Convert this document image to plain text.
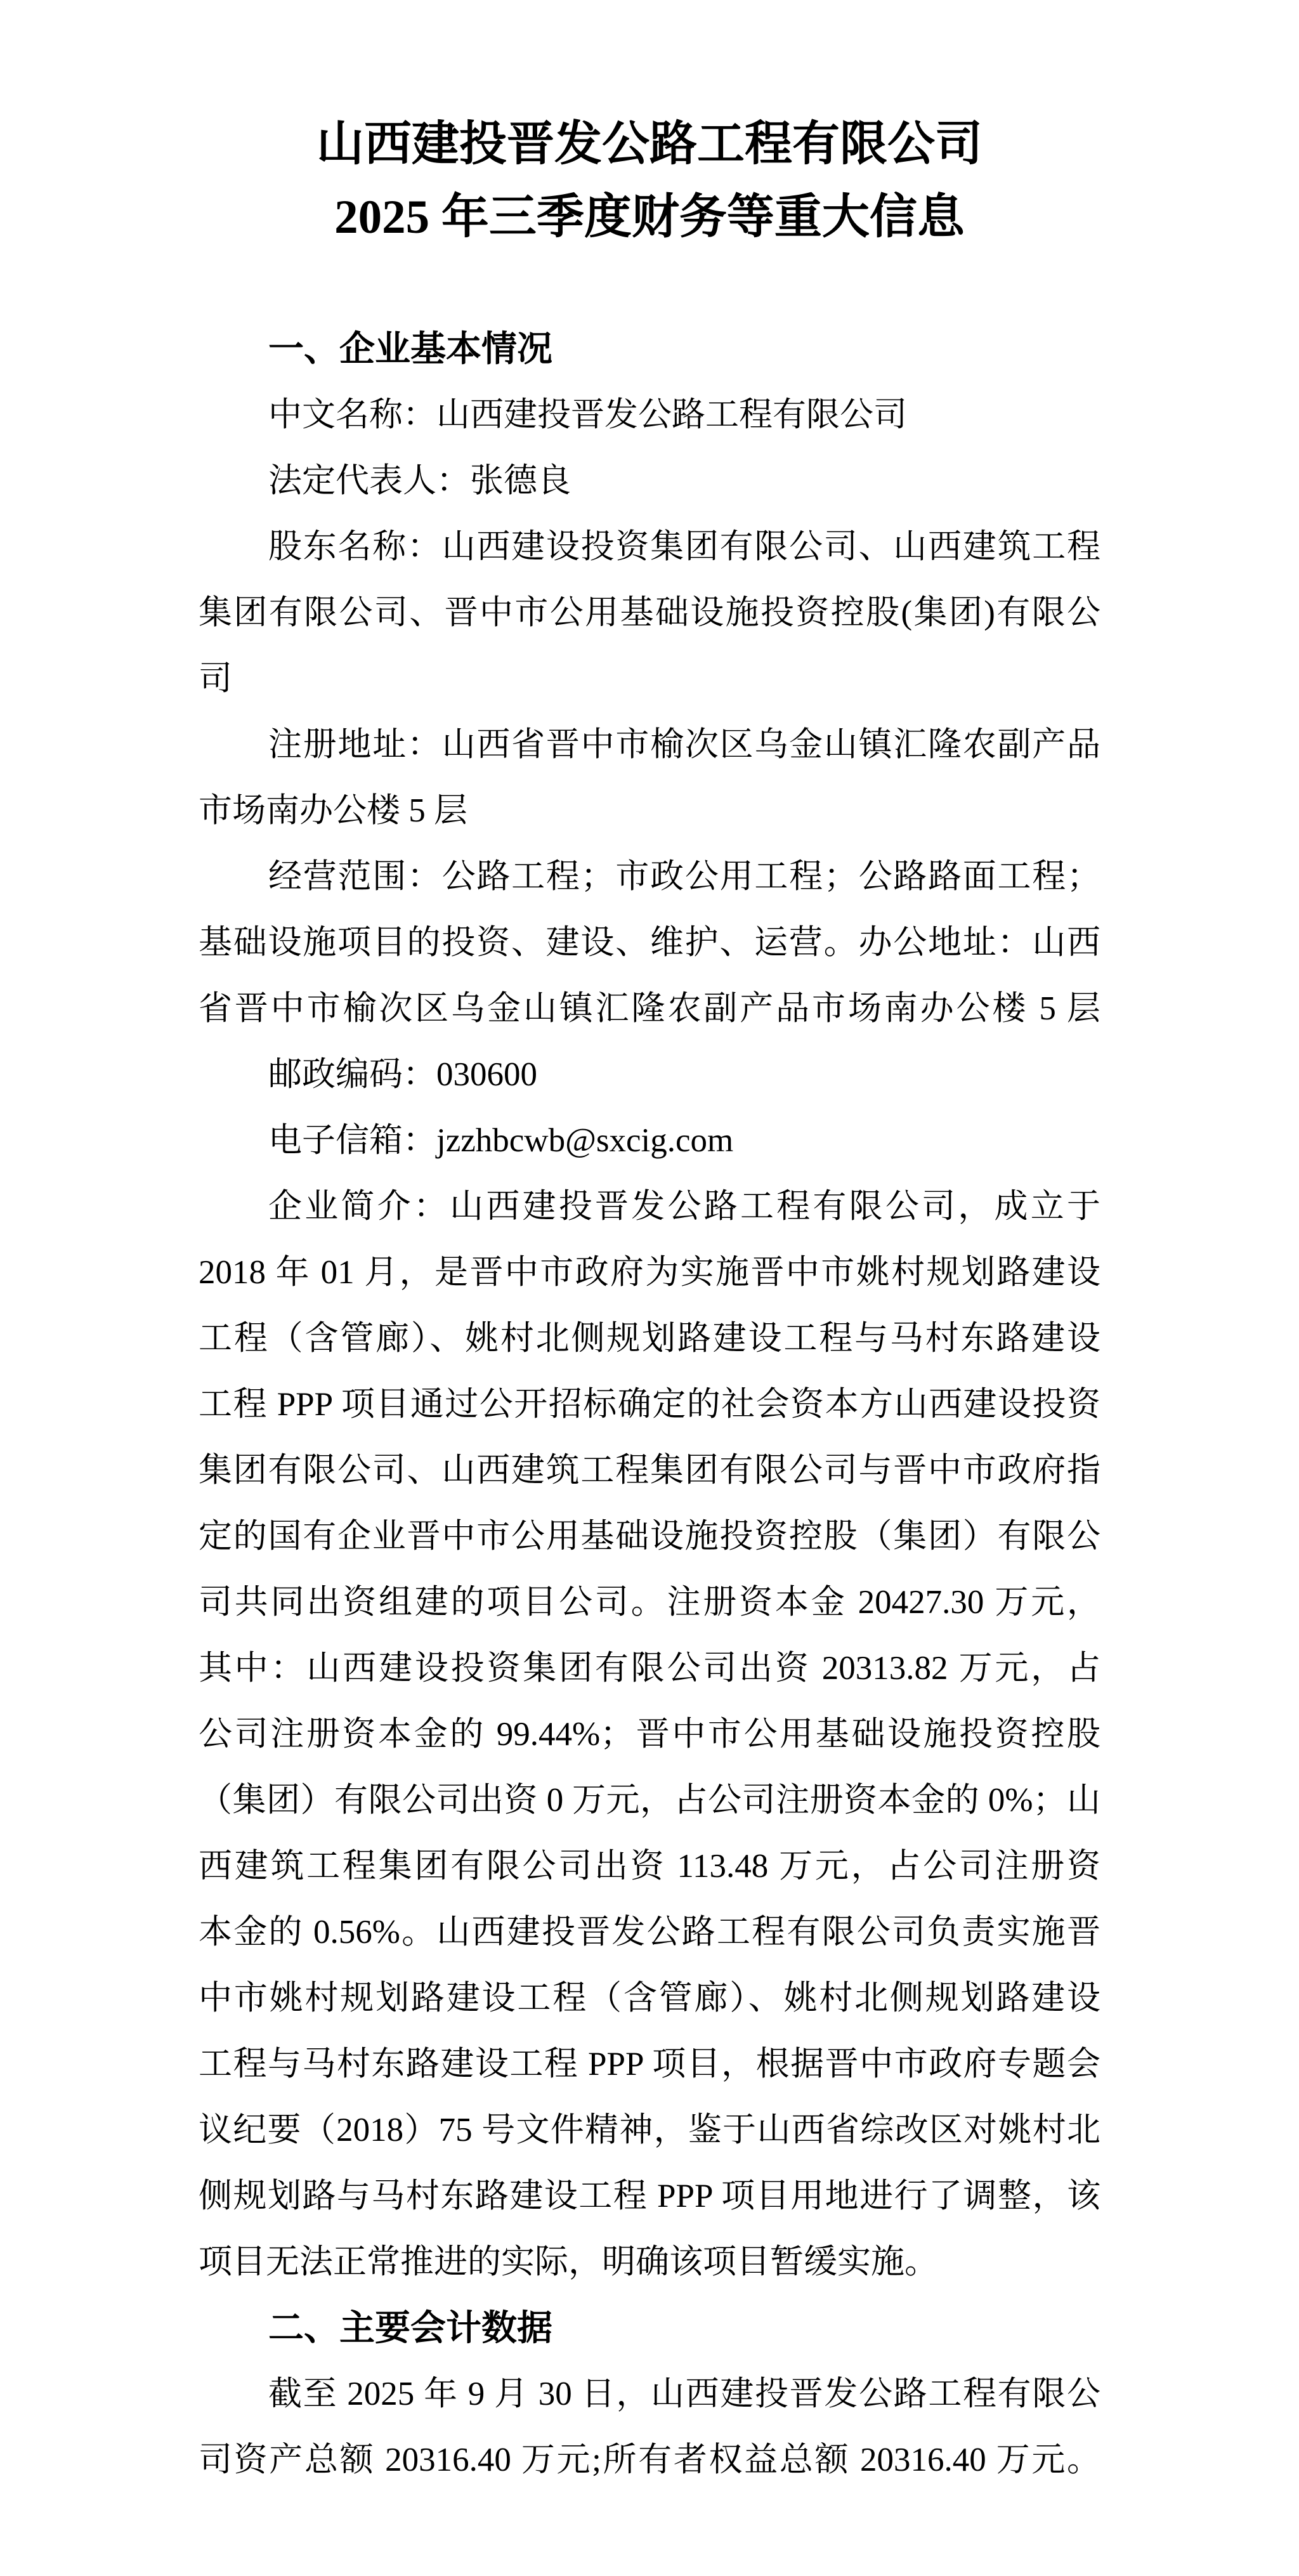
山西建投晋发公路工程有限公司
2025 年三季度财务等重大信息
一、企业基本情况
中文名称：山西建投晋发公路工程有限公司
法定代表人：张德良
股东名称：山西建设投资集团有限公司、山西建筑工程
集团有限公司、晋中市公用基础设施投资控股(集团)有限公
司
注册地址：山西省晋中市榆次区乌金山镇汇隆农副产品
市场南办公楼 5 层
经营范围：公路工程；市政公用工程；公路路面工程；
基础设施项目的投资、建设、维护、运营。办公地址：山西
省晋中市榆次区乌金山镇汇隆农副产品市场南办公楼 5 层
邮政编码：030600
电子信箱：jzzhbcwb@sxcig.com
企业简介：山西建投晋发公路工程有限公司，成立于
2018 年 01 月，是晋中市政府为实施晋中市姚村规划路建设
工程（含管廊）、姚村北侧规划路建设工程与马村东路建设
工程 PPP 项目通过公开招标确定的社会资本方山西建设投资
集团有限公司、山西建筑工程集团有限公司与晋中市政府指
定的国有企业晋中市公用基础设施投资控股（集团）有限公
司共同出资组建的项目公司。注册资本金 20427.30 万元，
其中：山西建设投资集团有限公司出资 20313.82 万元，占
公司注册资本金的 99.44%；晋中市公用基础设施投资控股
（集团）有限公司出资 0 万元，占公司注册资本金的 0%；山
西建筑工程集团有限公司出资 113.48 万元，占公司注册资
本金的 0.56%。山西建投晋发公路工程有限公司负责实施晋
中市姚村规划路建设工程（含管廊）、姚村北侧规划路建设
工程与马村东路建设工程 PPP 项目，根据晋中市政府专题会
议纪要（2018）75 号文件精神，鉴于山西省综改区对姚村北
侧规划路与马村东路建设工程 PPP 项目用地进行了调整，该
项目无法正常推进的实际，明确该项目暂缓实施。
二、主要会计数据
截至 2025 年 9 月 30 日，山西建投晋发公路工程有限公
司资产总额 20316.40 万元;所有者权益总额 20316.40 万元。
